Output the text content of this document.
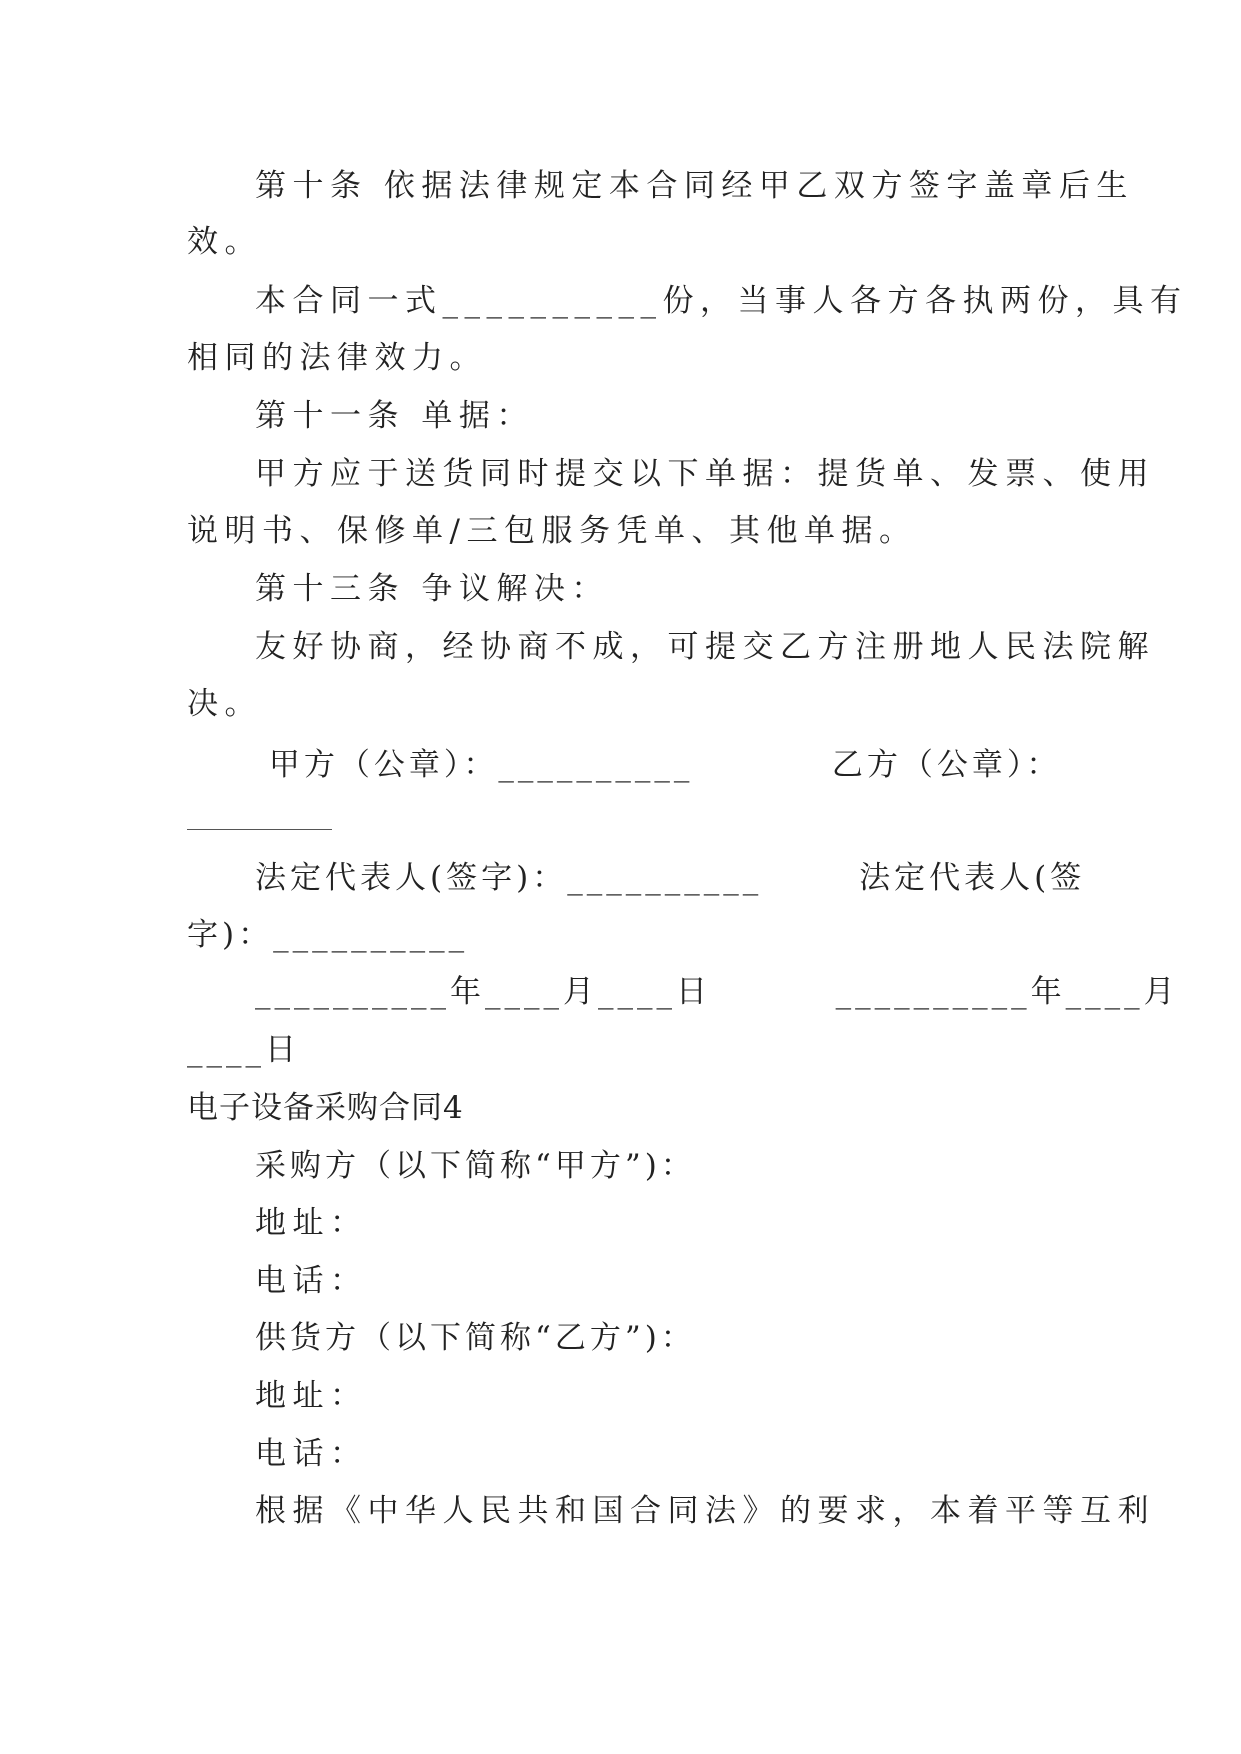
第十条 依据法律规定本合同经甲乙双方签字盖章后生
效。
本合同一式__________份，当事人各方各执两份，具有
相同的法律效力。
第十一条 单据：
甲方应于送货同时提交以下单据：提货单、发票、使用
说明书、保修单/三包服务凭单、其他单据。
第十三条 争议解决：
友好协商，经协商不成，可提交乙方注册地人民法院解
决。
甲方（公章）：__________          乙方（公章）：
法定代表人(签字)：__________       法定代表人(签
字)：__________
__________年____月____日         __________年____月
____日
电子设备采购合同4
采购方（以下简称“甲方”)：
地址：
电话：
供货方（以下简称“乙方”)：
地址：
电话：
根据《中华人民共和国合同法》的要求，本着平等互利
